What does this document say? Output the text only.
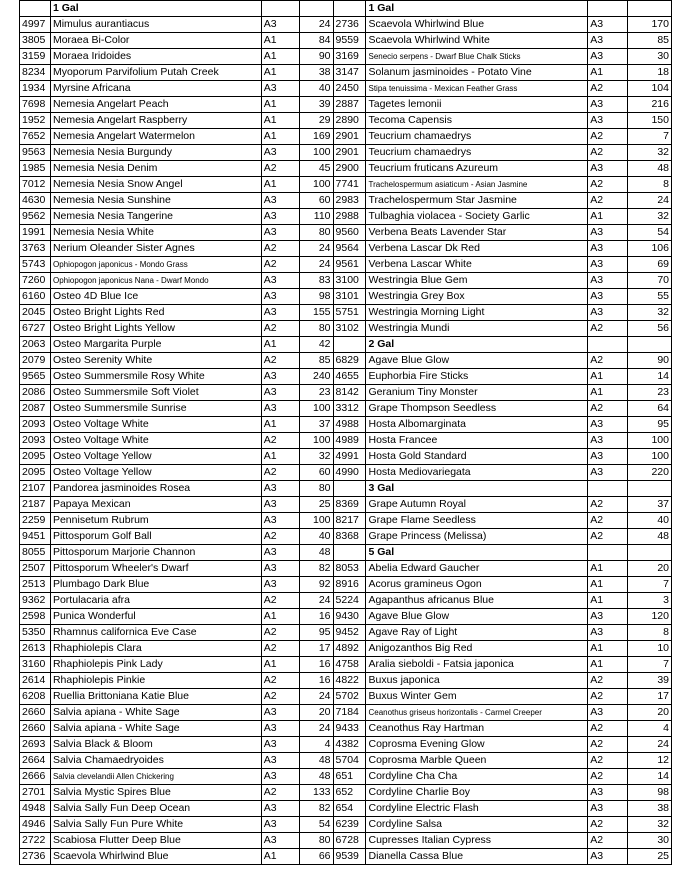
	1 Gal				1 Gal		
4997	Mimulus aurantiacus	A3	24	2736	Scaevola Whirlwind Blue	A3	170
3805	Moraea Bi-Color	A1	84	9559	Scaevola Whirlwind White	A3	85
3159	Moraea Iridoides	A1	90	3169	Senecio serpens - Dwarf Blue Chalk Sticks	A3	30
8234	Myoporum Parvifolium Putah Creek	A1	38	3147	Solanum jasminoides - Potato Vine	A1	18
1934	Myrsine Africana	A3	40	2450	Stipa tenuissima - Mexican Feather Grass	A2	104
7698	Nemesia Angelart Peach	A1	39	2887	Tagetes lemonii	A3	216
1952	Nemesia Angelart Raspberry	A1	29	2890	Tecoma Capensis	A3	150
7652	Nemesia Angelart Watermelon	A1	169	2901	Teucrium chamaedrys	A2	7
9563	Nemesia Nesia Burgundy	A3	100	2901	Teucrium chamaedrys	A2	32
1985	Nemesia Nesia Denim	A2	45	2900	Teucrium fruticans Azureum	A3	48
7012	Nemesia Nesia Snow Angel	A1	100	7741	Trachelospermum asiaticum - Asian Jasmine	A2	8
4630	Nemesia Nesia Sunshine	A3	60	2983	Trachelospermum Star Jasmine	A2	24
9562	Nemesia Nesia Tangerine	A3	110	2988	Tulbaghia violacea - Society Garlic	A1	32
1991	Nemesia Nesia White	A3	80	9560	Verbena Beats Lavender Star	A3	54
3763	Nerium Oleander Sister Agnes	A2	24	9564	Verbena Lascar Dk Red	A3	106
5743	Ophiopogon japonicus - Mondo Grass	A2	24	9561	Verbena Lascar White	A3	69
7260	Ophiopogon japonicus Nana - Dwarf Mondo	A3	83	3100	Westringia Blue Gem	A3	70
6160	Osteo 4D Blue Ice	A3	98	3101	Westringia Grey Box	A3	55
2045	Osteo Bright Lights Red	A3	155	5751	Westringia Morning Light	A3	32
6727	Osteo Bright Lights Yellow	A2	80	3102	Westringia Mundi	A2	56
2063	Osteo Margarita Purple	A1	42		2 Gal		
2079	Osteo Serenity White	A2	85	6829	Agave Blue Glow	A2	90
9565	Osteo Summersmile Rosy White	A3	240	4655	Euphorbia Fire Sticks	A1	14
2086	Osteo Summersmile Soft Violet	A3	23	8142	Geranium Tiny Monster	A1	23
2087	Osteo Summersmile Sunrise	A3	100	3312	Grape Thompson Seedless	A2	64
2093	Osteo Voltage White	A1	37	4988	Hosta Albomarginata	A3	95
2093	Osteo Voltage White	A2	100	4989	Hosta Francee	A3	100
2095	Osteo Voltage Yellow	A1	32	4991	Hosta Gold Standard	A3	100
2095	Osteo Voltage Yellow	A2	60	4990	Hosta Mediovariegata	A3	220
2107	Pandorea jasminoides Rosea	A3	80		3 Gal		
2187	Papaya Mexican	A3	25	8369	Grape Autumn Royal	A2	37
2259	Pennisetum Rubrum	A3	100	8217	Grape Flame Seedless	A2	40
9451	Pittosporum Golf Ball	A2	40	8368	Grape Princess (Melissa)	A2	48
8055	Pittosporum Marjorie Channon	A3	48		5 Gal		
2507	Pittosporum Wheeler's Dwarf	A3	82	8053	Abelia Edward Gaucher	A1	20
2513	Plumbago Dark Blue	A3	92	8916	Acorus gramineus Ogon	A1	7
9362	Portulacaria afra	A2	24	5224	Agapanthus africanus Blue	A1	3
2598	Punica Wonderful	A1	16	9430	Agave Blue Glow	A3	120
5350	Rhamnus californica Eve Case	A2	95	9452	Agave Ray of Light	A3	8
2613	Rhaphiolepis Clara	A2	17	4892	Anigozanthos Big Red	A1	10
3160	Rhaphiolepis Pink Lady	A1	16	4758	Aralia sieboldi - Fatsia japonica	A1	7
2614	Rhaphiolepis Pinkie	A2	16	4822	Buxus japonica	A2	39
6208	Ruellia Brittoniana Katie Blue	A2	24	5702	Buxus Winter Gem	A2	17
2660	Salvia apiana - White Sage	A3	20	7184	Ceanothus griseus horizontalis - Carmel Creeper	A3	20
2660	Salvia apiana - White Sage	A3	24	9433	Ceanothus Ray Hartman	A2	4
2693	Salvia Black & Bloom	A3	4	4382	Coprosma Evening Glow	A2	24
2664	Salvia Chamaedryoides	A3	48	5704	Coprosma Marble Queen	A2	12
2666	Salvia clevelandii Allen Chickering	A3	48	651	Cordyline Cha Cha	A2	14
2701	Salvia Mystic Spires Blue	A2	133	652	Cordyline Charlie Boy	A3	98
4948	Salvia Sally Fun Deep Ocean	A3	82	654	Cordyline Electric Flash	A3	38
4946	Salvia Sally Fun Pure White	A3	54	6239	Cordyline Salsa	A2	32
2722	Scabiosa Flutter Deep Blue	A3	80	6728	Cupresses Italian Cypress	A2	30
2736	Scaevola Whirlwind Blue	A1	66	9539	Dianella Cassa Blue	A3	25
